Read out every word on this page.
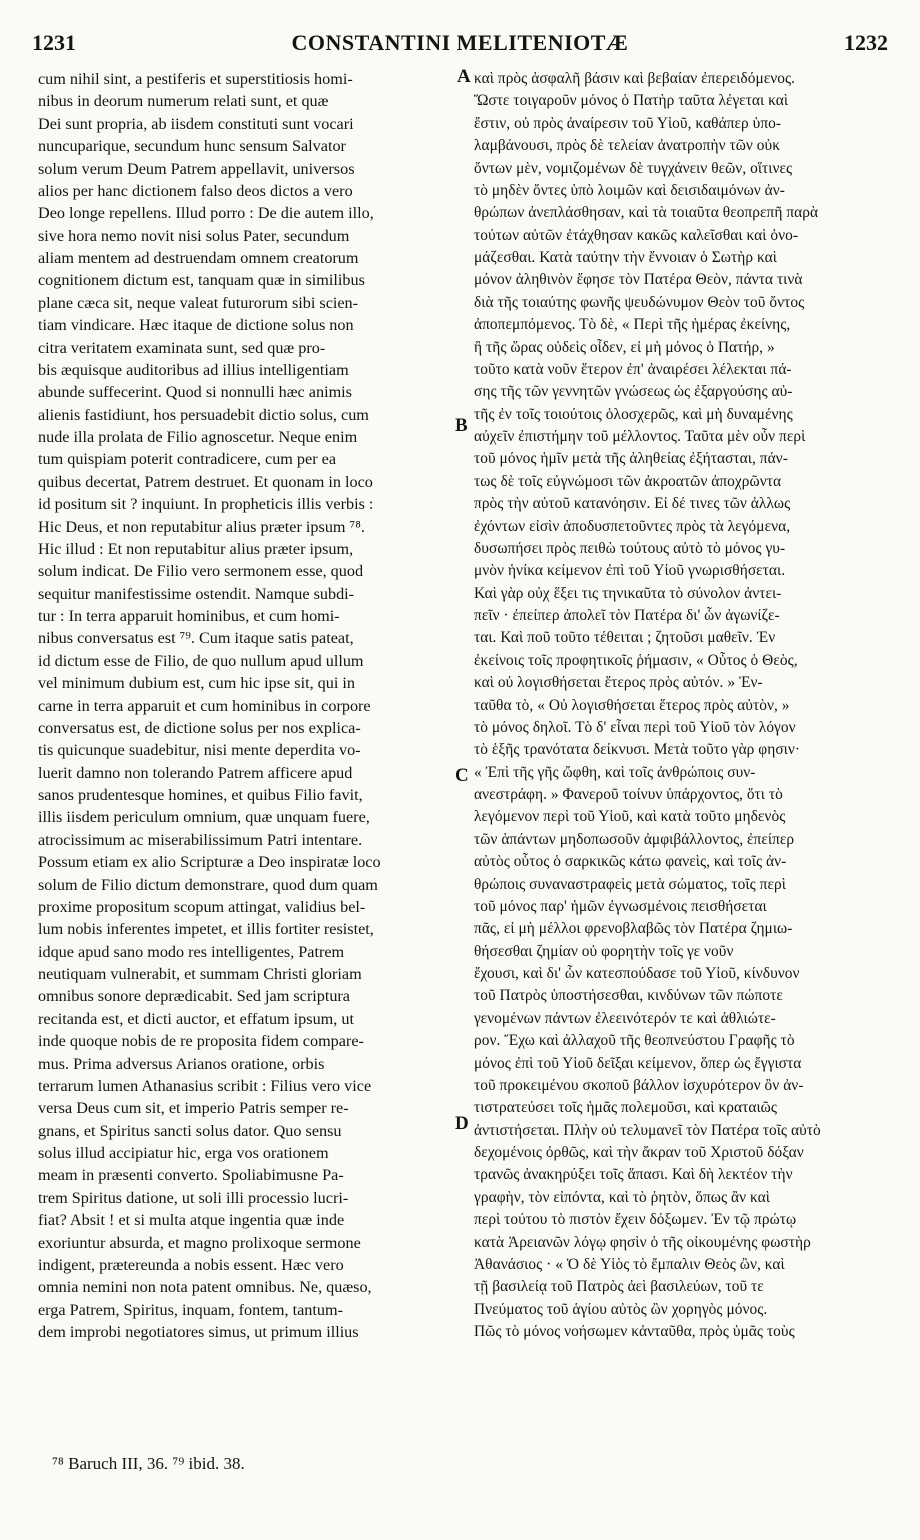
1231	CONSTANTINI MELITENIOTÆ	1232
cum nihil sint, a pestiferis et superstitiosis homi-
nibus in deorum numerum relati sunt, et quæ
Dei sunt propria, ab iisdem constituti sunt vocari
nuncuparique, secundum hunc sensum Salvator
solum verum Deum Patrem appellavit, universos
alios per hanc dictionem falso deos dictos a vero
Deo longe repellens. Illud porro : De die autem illo,
sive hora nemo novit nisi solus Pater, secundum
aliam mentem ad destruendam omnem creatorum
cognitionem dictum est, tanquam quæ in similibus
plane cæca sit, neque valeat futurorum sibi scien-
tiam vindicare. Hæc itaque de dictione solus non
citra veritatem examinata sunt, sed quæ pro-
bis æquisque auditoribus ad illius intelligentiam
abunde suffecerint. Quod si nonnulli hæc animis
alienis fastidiunt, hos persuadebit dictio solus, cum
nude illa prolata de Filio agnoscetur. Neque enim
tum quispiam poterit contradicere, cum per ea
quibus decertat, Patrem destruet. Et quonam in loco
id positum sit ? inquiunt. In propheticis illis verbis :
Hic Deus, et non reputabitur alius præter ipsum ⁷⁸.
Hic illud : Et non reputabitur alius præter ipsum,
solum indicat. De Filio vero sermonem esse, quod
sequitur manifestissime ostendit. Namque subdi-
tur : In terra apparuit hominibus, et cum homi-
nibus conversatus est ⁷⁹. Cum itaque satis pateat,
id dictum esse de Filio, de quo nullum apud ullum
vel minimum dubium est, cum hic ipse sit, qui in
carne in terra apparuit et cum hominibus in corpore
conversatus est, de dictione solus per nos explica-
tis quicunque suadebitur, nisi mente deperdita vo-
luerit damno non tolerando Patrem afficere apud
sanos prudentesque homines, et quibus Filio favit,
illis iisdem periculum omnium, quæ unquam fuere,
atrocissimum ac miserabilissimum Patri intentare.
Possum etiam ex alio Scripturæ a Deo inspiratæ loco
solum de Filio dictum demonstrare, quod dum quam
proxime propositum scopum attingat, validius bel-
lum nobis inferentes impetet, et illis fortiter resistet,
idque apud sano modo res intelligentes, Patrem
neutiquam vulnerabit, et summam Christi gloriam
omnibus sonore deprædicabit. Sed jam scriptura
recitanda est, et dicti auctor, et effatum ipsum, ut
inde quoque nobis de re proposita fidem compare-
mus. Prima adversus Arianos oratione, orbis
terrarum lumen Athanasius scribit : Filius vero vice
versa Deus cum sit, et imperio Patris semper re-
gnans, et Spiritus sancti solus dator. Quo sensu
solus illud accipiatur hic, erga vos orationem
meam in præsenti converto. Spoliabimusne Pa-
trem Spiritus datione, ut soli illi processio lucri-
fiat? Absit ! et si multa atque ingentia quæ inde
exoriuntur absurda, et magno prolixoque sermone
indigent, prætereunda a nobis essent. Hæc vero
omnia nemini non nota patent omnibus. Ne, quæso,
erga Patrem, Spiritus, inquam, fontem, tantum-
dem improbi negotiatores simus, ut primum illius
καὶ πρὸς ἀσφαλῆ βάσιν καὶ βεβαίαν ἐπερειδόμενος.
Ὥστε τοιγαροῦν μόνος ὁ Πατὴρ ταῦτα λέγεται καὶ
ἔστιν, οὐ πρὸς ἀναίρεσιν τοῦ Υἱοῦ, καθάπερ ὑπο-
λαμβάνουσι, πρὸς δὲ τελείαν ἀνατροπὴν τῶν οὐκ
ὄντων μὲν, νομιζομένων δὲ τυγχάνειν θεῶν, οἵτινες
τὸ μηδὲν ὄντες ὑπὸ λοιμῶν καὶ δεισιδαιμόνων ἀν-
θρώπων ἀνεπλάσθησαν, καὶ τὰ τοιαῦτα θεοπρεπῆ παρὰ
τούτων αὐτῶν ἐτάχθησαν κακῶς καλεῖσθαι καὶ ὀνο-
μάζεσθαι. Κατὰ ταύτην τὴν ἔννοιαν ὁ Σωτὴρ καὶ
μόνον ἀληθινὸν ἔφησε τὸν Πατέρα Θεὸν, πάντα τινὰ
διὰ τῆς τοιαύτης φωνῆς ψευδώνυμον Θεὸν τοῦ ὄντος
ἀποπεμπόμενος. Τὸ δὲ, « Περὶ τῆς ἡμέρας ἐκείνης,
ἢ τῆς ὥρας οὐδεὶς οἶδεν, εἰ μὴ μόνος ὁ Πατήρ, »
τοῦτο κατὰ νοῦν ἕτερον ἐπ' ἀναιρέσει λέλεκται πά-
σης τῆς τῶν γεννητῶν γνώσεως ὡς ἐξαργούσης αὐ-
τῆς ἐν τοῖς τοιούτοις ὁλοσχερῶς, καὶ μὴ δυναμένης
αὐχεῖν ἐπιστήμην τοῦ μέλλοντος. Ταῦτα μὲν οὖν περὶ
τοῦ μόνος ἡμῖν μετὰ τῆς ἀληθείας ἐξήτασται, πάν-
τως δὲ τοῖς εὐγνώμοσι τῶν ἀκροατῶν ἀποχρῶντα
πρὸς τὴν αὐτοῦ κατανόησιν. Εἰ δέ τινες τῶν ἀλλως
ἐχόντων εἰσὶν ἀποδυσπετοῦντες πρὸς τὰ λεγόμενα,
δυσωπήσει πρὸς πειθὼ τούτους αὐτὸ τὸ μόνος γυ-
μνὸν ἡνίκα κείμενον ἐπὶ τοῦ Υἱοῦ γνωρισθήσεται.
Καὶ γὰρ οὐχ ἕξει τις τηνικαῦτα τὸ σύνολον ἀντει-
πεῖν · ἐπείπερ ἀπολεῖ τὸν Πατέρα δι' ὧν ἀγωνίζε-
ται. Καὶ ποῦ τοῦτο τέθειται ; ζητοῦσι μαθεῖν. Ἐν
ἐκείνοις τοῖς προφητικοῖς ῥήμασιν, « Οὗτος ὁ Θεὸς,
καὶ οὐ λογισθήσεται ἕτερος πρὸς αὐτόν. » Ἐν-
ταῦθα τὸ, « Οὐ λογισθήσεται ἕτερος πρὸς αὐτὸν, »
τὸ μόνος δηλοῖ. Τὸ δ' εἶναι περὶ τοῦ Υἱοῦ τὸν λόγον
τὸ ἑξῆς τρανότατα δείκνυσι. Μετὰ τοῦτο γὰρ φησιν·
« Ἐπὶ τῆς γῆς ὤφθη, καὶ τοῖς ἀνθρώποις συν-
ανεστράφη. » Φανεροῦ τοίνυν ὑπάρχοντος, ὅτι τὸ
λεγόμενον περὶ τοῦ Υἱοῦ, καὶ κατὰ τοῦτο μηδενὸς
τῶν ἁπάντων μηδοπωσοῦν ἀμφιβάλλοντος, ἐπείπερ
αὐτὸς οὗτος ὁ σαρκικῶς κάτω φανεὶς, καὶ τοῖς ἀν-
θρώποις συναναστραφεὶς μετὰ σώματος, τοῖς περὶ
τοῦ μόνος παρ' ἡμῶν ἐγνωσμένοις πεισθήσεται
πᾶς, εἰ μὴ μέλλοι φρενοβλαβῶς τὸν Πατέρα ζημιω-
θήσεσθαι ζημίαν οὐ φορητὴν τοῖς γε νοῦν
ἔχουσι, καὶ δι' ὧν κατεσπούδασε τοῦ Υἱοῦ, κίνδυνον
τοῦ Πατρὸς ὑποστήσεσθαι, κινδύνων τῶν πώποτε
γενομένων πάντων ἐλεεινότερόν τε καὶ ἀθλιώτε-
ρον. Ἔχω καὶ ἀλλαχοῦ τῆς θεοπνεύστου Γραφῆς τὸ
μόνος ἐπὶ τοῦ Υἱοῦ δεῖξαι κείμενον, ὅπερ ὡς ἔγγιστα
τοῦ προκειμένου σκοποῦ βάλλον ἰσχυρότερον ὂν ἀν-
τιστρατεύσει τοῖς ἡμᾶς πολεμοῦσι, καὶ κραταιῶς
ἀντιστήσεται. Πλὴν οὐ τελυμανεῖ τὸν Πατέρα τοῖς αὐτὸ
δεχομένοις ὀρθῶς, καὶ τὴν ἄκραν τοῦ Χριστοῦ δόξαν
τρανῶς ἀνακηρύξει τοῖς ἅπασι. Καὶ δὴ λεκτέον τὴν
γραφὴν, τὸν εἰπόντα, καὶ τὸ ῥητὸν, ὅπως ἂν καὶ
περὶ τούτου τὸ πιστὸν ἔχειν δόξωμεν. Ἐν τῷ πρώτῳ
κατὰ Ἀρειανῶν λόγῳ φησὶν ὁ τῆς οἰκουμένης φωστὴρ
Ἀθανάσιος · « Ὁ δὲ Υἱὸς τὸ ἔμπαλιν Θεὸς ὢν, καὶ
τῇ βασιλείᾳ τοῦ Πατρὸς ἀεὶ βασιλεύων, τοῦ τε
Πνεύματος τοῦ ἁγίου αὐτὸς ὢν χορηγὸς μόνος.
Πῶς τὸ μόνος νοήσωμεν κἀνταῦθα, πρὸς ὑμᾶς τοὺς
A
B
C
D
⁷⁸ Baruch III, 36. ⁷⁹ ibid. 38.
